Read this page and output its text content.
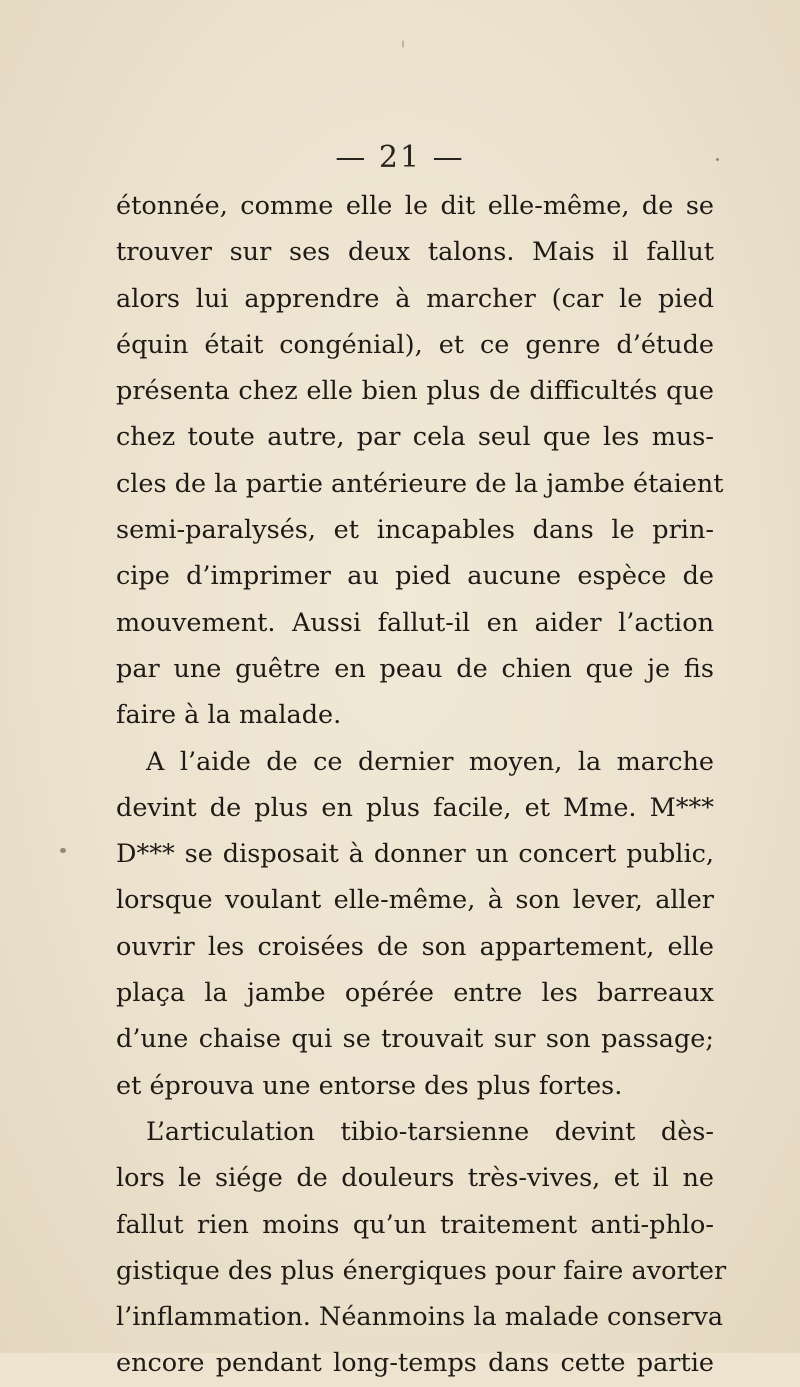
— 21 —
étonnée, comme elle le dit elle-même, de se
trouver sur ses deux talons. Mais il fallut
alors lui apprendre à marcher (car le pied
équin était congénial), et ce genre d’étude
présenta chez elle bien plus de difficultés que
chez toute autre, par cela seul que les mus-
cles de la partie antérieure de la jambe étaient
semi-paralysés, et incapables dans le prin-
cipe d’imprimer au pied aucune espèce de
mouvement. Aussi fallut-il en aider l’action
par une guêtre en peau de chien que je fis
faire à la malade.
A l’aide de ce dernier moyen, la marche
devint de plus en plus facile, et Mme. M***
D*** se disposait à donner un concert public,
lorsque voulant elle-même, à son lever, aller
ouvrir les croisées de son appartement, elle
plaça la jambe opérée entre les barreaux
d’une chaise qui se trouvait sur son passage;
et éprouva une entorse des plus fortes.
L’articulation tibio-tarsienne devint dès-
lors le siége de douleurs très-vives, et il ne
fallut rien moins qu’un traitement anti-phlo-
gistique des plus énergiques pour faire avorter
l’inflammation. Néanmoins la malade conserva
encore pendant long-temps dans cette partie
